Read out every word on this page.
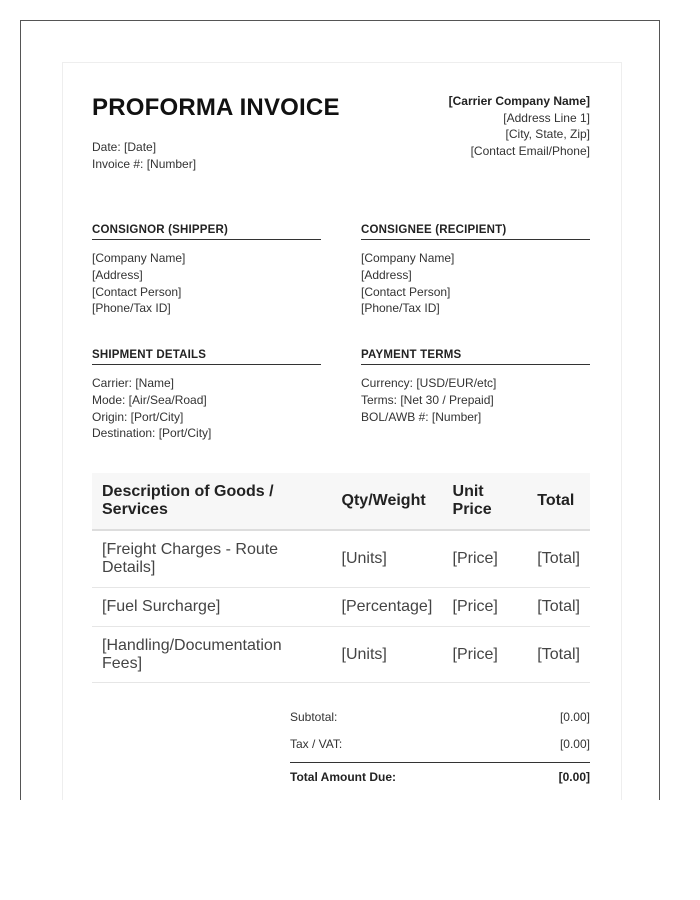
PROFORMA INVOICE
Date: [Date]
Invoice #: [Number]
[Carrier Company Name]
[Address Line 1]
[City, State, Zip]
[Contact Email/Phone]
CONSIGNOR (SHIPPER)
[Company Name]
[Address]
[Contact Person]
[Phone/Tax ID]
CONSIGNEE (RECIPIENT)
[Company Name]
[Address]
[Contact Person]
[Phone/Tax ID]
SHIPMENT DETAILS
Carrier: [Name]
Mode: [Air/Sea/Road]
Origin: [Port/City]
Destination: [Port/City]
PAYMENT TERMS
Currency: [USD/EUR/etc]
Terms: [Net 30 / Prepaid]
BOL/AWB #: [Number]
Description of Goods / Services	Qty/Weight	Unit Price	Total
[Freight Charges - Route Details]	[Units]	[Price]	[Total]
[Fuel Surcharge]	[Percentage]	[Price]	[Total]
[Handling/Documentation Fees]	[Units]	[Price]	[Total]
Subtotal:	[0.00]
Tax / VAT:	[0.00]
Total Amount Due:	[0.00]
